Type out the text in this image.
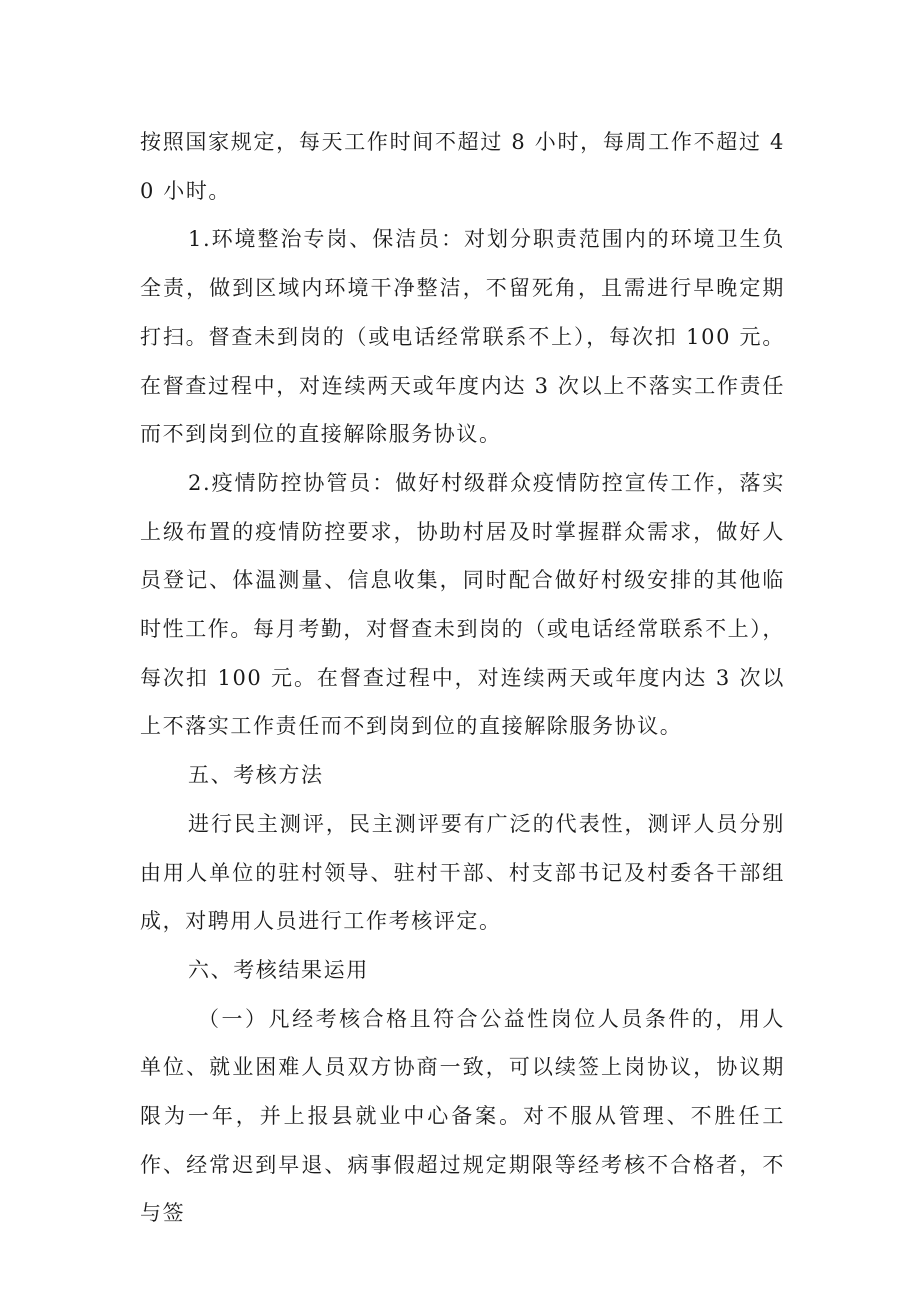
按照国家规定，每天工作时间不超过 8 小时，每周工作不超过 40 小时。

1.环境整治专岗、保洁员：对划分职责范围内的环境卫生负全责，做到区域内环境干净整洁，不留死角，且需进行早晚定期打扫。督查未到岗的（或电话经常联系不上），每次扣 100 元。在督查过程中，对连续两天或年度内达 3 次以上不落实工作责任而不到岗到位的直接解除服务协议。

2.疫情防控协管员：做好村级群众疫情防控宣传工作，落实上级布置的疫情防控要求，协助村居及时掌握群众需求，做好人员登记、体温测量、信息收集，同时配合做好村级安排的其他临时性工作。每月考勤，对督查未到岗的（或电话经常联系不上），每次扣 100 元。在督查过程中，对连续两天或年度内达 3 次以上不落实工作责任而不到岗到位的直接解除服务协议。

五、考核方法

进行民主测评，民主测评要有广泛的代表性，测评人员分别由用人单位的驻村领导、驻村干部、村支部书记及村委各干部组成，对聘用人员进行工作考核评定。

六、考核结果运用

（一）凡经考核合格且符合公益性岗位人员条件的，用人单位、就业困难人员双方协商一致，可以续签上岗协议，协议期限为一年，并上报县就业中心备案。对不服从管理、不胜任工作、经常迟到早退、病事假超过规定期限等经考核不合格者，不与签
